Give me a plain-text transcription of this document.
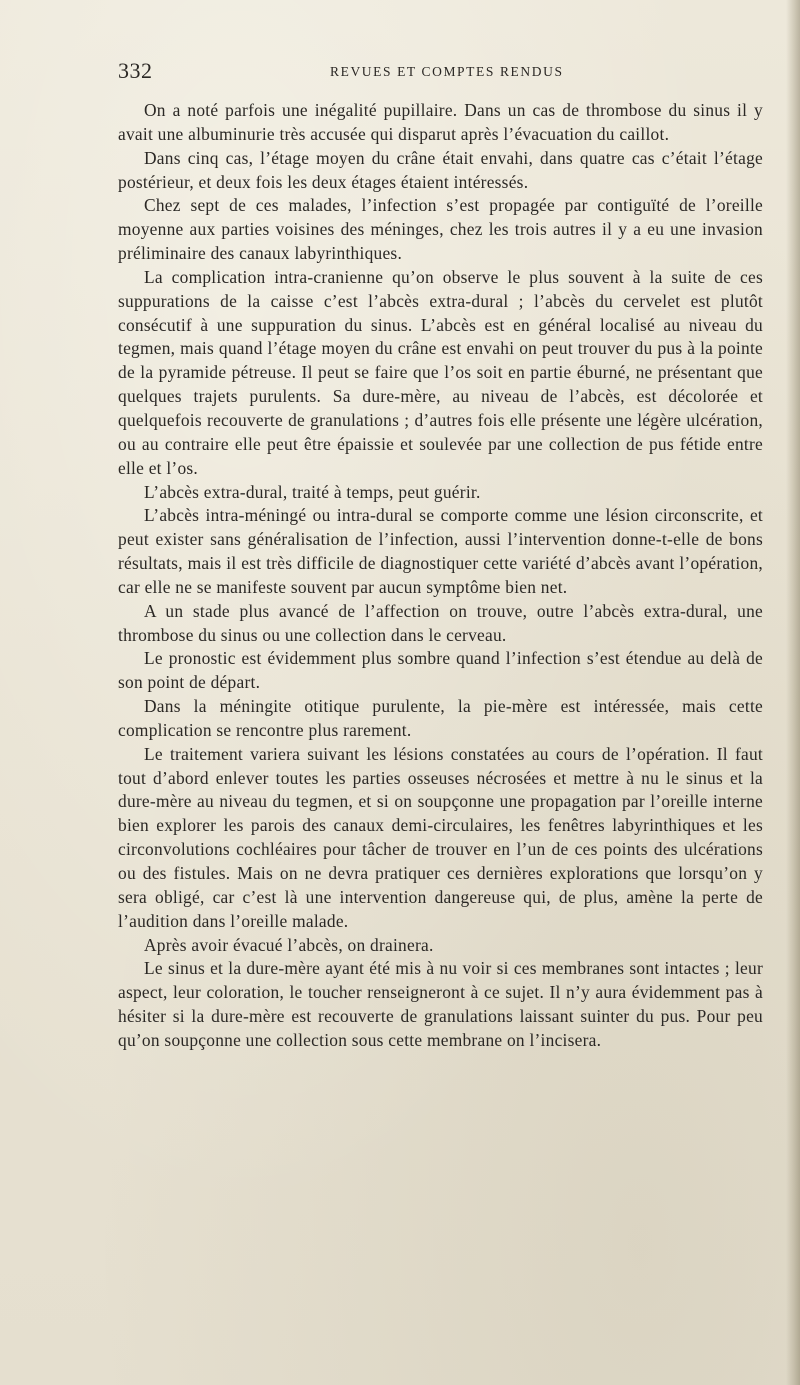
332	REVUES ET COMPTES RENDUS

On a noté parfois une inégalité pupillaire. Dans un cas de thrombose du sinus il y avait une albuminurie très accusée qui disparut après l’évacuation du caillot.

Dans cinq cas, l’étage moyen du crâne était envahi, dans quatre cas c’était l’étage postérieur, et deux fois les deux étages étaient intéressés.

Chez sept de ces malades, l’infection s’est propagée par contiguïté de l’oreille moyenne aux parties voisines des méninges, chez les trois autres il y a eu une invasion préliminaire des canaux labyrinthiques.

La complication intra-cranienne qu’on observe le plus souvent à la suite de ces suppurations de la caisse c’est l’abcès extra-dural ; l’abcès du cervelet est plutôt consécutif à une suppuration du sinus. L’abcès est en général localisé au niveau du tegmen, mais quand l’étage moyen du crâne est envahi on peut trouver du pus à la pointe de la pyramide pétreuse. Il peut se faire que l’os soit en partie éburné, ne présentant que quelques trajets purulents. Sa dure-mère, au niveau de l’abcès, est décolorée et quelquefois recouverte de granulations ; d’autres fois elle présente une légère ulcération, ou au contraire elle peut être épaissie et soulevée par une collection de pus fétide entre elle et l’os.

L’abcès extra-dural, traité à temps, peut guérir.

L’abcès intra-méningé ou intra-dural se comporte comme une lésion circonscrite, et peut exister sans généralisation de l’infection, aussi l’intervention donne-t-elle de bons résultats, mais il est très difficile de diagnostiquer cette variété d’abcès avant l’opération, car elle ne se manifeste souvent par aucun symptôme bien net.

A un stade plus avancé de l’affection on trouve, outre l’abcès extra-dural, une thrombose du sinus ou une collection dans le cerveau.

Le pronostic est évidemment plus sombre quand l’infection s’est étendue au delà de son point de départ.

Dans la méningite otitique purulente, la pie-mère est intéressée, mais cette complication se rencontre plus rarement.

Le traitement variera suivant les lésions constatées au cours de l’opération. Il faut tout d’abord enlever toutes les parties osseuses nécrosées et mettre à nu le sinus et la dure-mère au niveau du tegmen, et si on soupçonne une propagation par l’oreille interne bien explorer les parois des canaux demi-circulaires, les fenêtres labyrinthiques et les circonvolutions cochléaires pour tâcher de trouver en l’un de ces points des ulcérations ou des fistules. Mais on ne devra pratiquer ces dernières explorations que lorsqu’on y sera obligé, car c’est là une intervention dangereuse qui, de plus, amène la perte de l’audition dans l’oreille malade.

Après avoir évacué l’abcès, on drainera.

Le sinus et la dure-mère ayant été mis à nu voir si ces membranes sont intactes ; leur aspect, leur coloration, le toucher renseigneront à ce sujet. Il n’y aura évidemment pas à hésiter si la dure-mère est recouverte de granulations laissant suinter du pus. Pour peu qu’on soupçonne une collection sous cette membrane on l’incisera.
